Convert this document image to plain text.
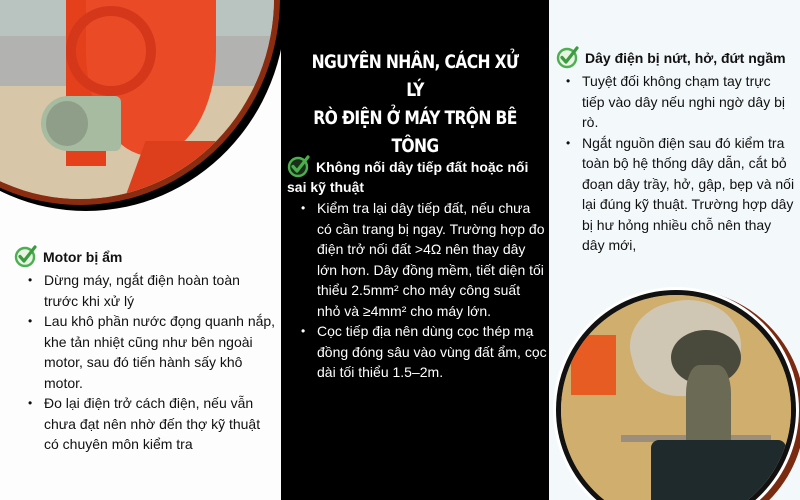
NGUYÊN NHÂN, CÁCH XỬ LÝ
RÒ ĐIỆN Ở MÁY TRỘN BÊ TÔNG
Motor bị ẩm
• Dừng máy, ngắt điện hoàn toàn trước khi xử lý
• Lau khô phần nước đọng quanh nắp, khe tản nhiệt cũng như bên ngoài motor, sau đó tiến hành sấy khô motor.
• Đo lại điện trở cách điện, nếu vẫn chưa đạt nên nhờ đến thợ kỹ thuật có chuyên môn kiểm tra
Không nối dây tiếp đất hoặc nối sai kỹ thuật
• Kiểm tra lại dây tiếp đất, nếu chưa có cần trang bị ngay. Trường hợp đo điện trở nối đất >4Ω nên thay dây lớn hơn. Dây đồng mềm, tiết diện tối thiểu 2.5mm² cho máy công suất nhỏ và ≥4mm² cho máy lớn.
• Cọc tiếp địa nên dùng cọc thép mạ đồng đóng sâu vào vùng đất ẩm, cọc dài tối thiểu 1.5–2m.
Dây điện bị nứt, hở, đứt ngầm
• Tuyệt đối không chạm tay trực tiếp vào dây nếu nghi ngờ dây bị rò.
• Ngắt nguồn điện sau đó kiểm tra toàn bộ hệ thống dây dẫn, cắt bỏ đoạn dây trầy, hở, gập, bẹp và nối lại đúng kỹ thuật. Trường hợp dây bị hư hỏng nhiều chỗ nên thay dây mới,
